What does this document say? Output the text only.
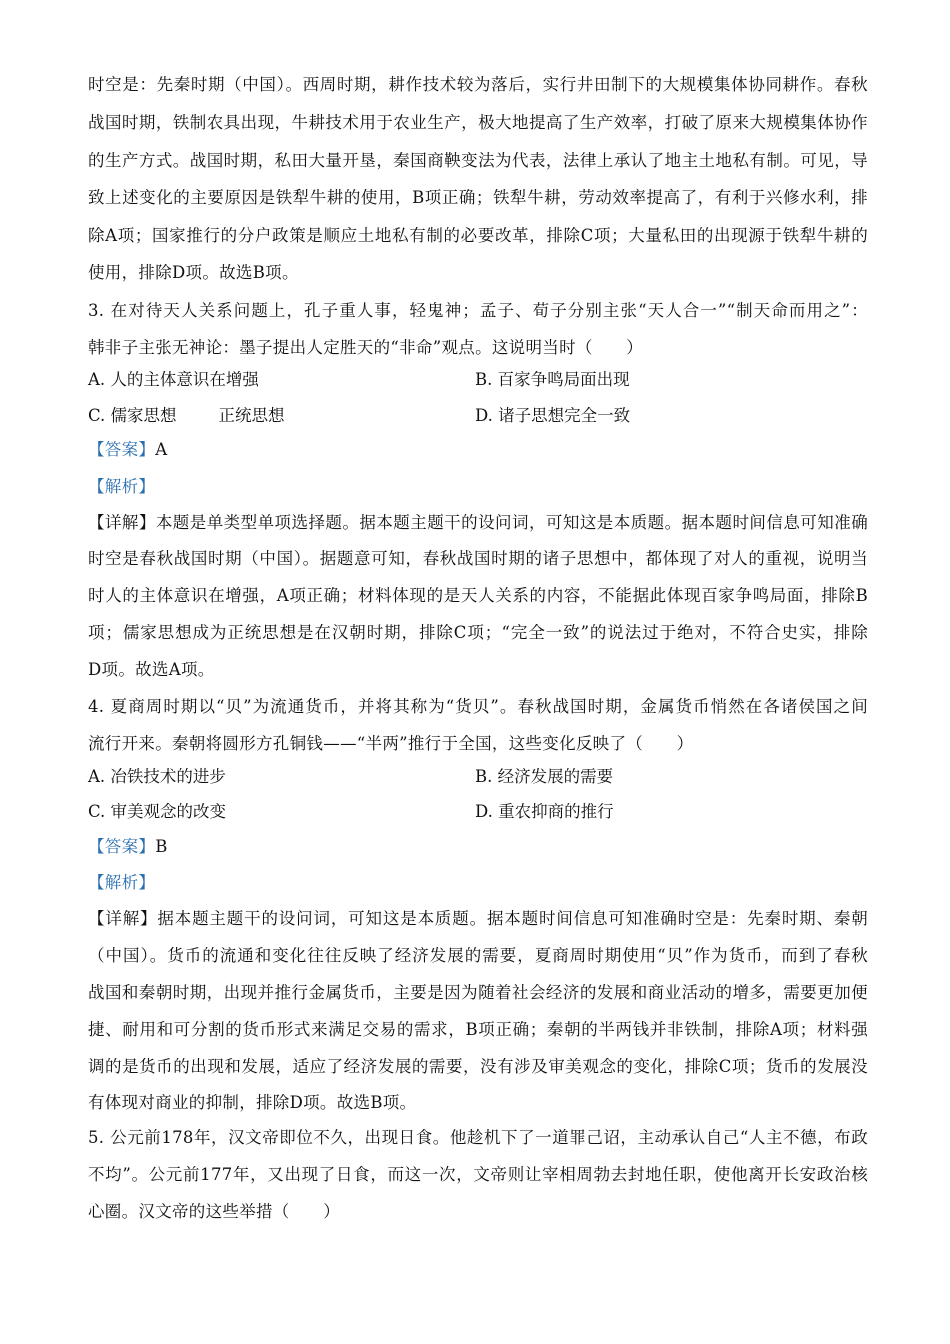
时空是：先秦时期（中国）。西周时期，耕作技术较为落后，实行井田制下的大规模集体协同耕作。春秋
战国时期，铁制农具出现，牛耕技术用于农业生产，极大地提高了生产效率，打破了原来大规模集体协作
的生产方式。战国时期，私田大量开垦，秦国商鞅变法为代表，法律上承认了地主土地私有制。可见，导
致上述变化的主要原因是铁犁牛耕的使用，B项正确；铁犁牛耕，劳动效率提高了，有利于兴修水利，排
除A项；国家推行的分户政策是顺应土地私有制的必要改革，排除C项；大量私田的出现源于铁犁牛耕的
使用，排除D项。故选B项。
3. 在对待天人关系问题上，孔子重人事，轻鬼神；孟子、荀子分别主张“天人合一”“制天命而用之”：
韩非子主张无神论：墨子提出人定胜天的“非命”观点。这说明当时（　　）
A. 人的主体意识在增强	B. 百家争鸣局面出现
C. 儒家思想	正统思想	D. 诸子思想完全一致
【答案】A
【解析】
【详解】本题是单类型单项选择题。据本题主题干的设问词，可知这是本质题。据本题时间信息可知准确
时空是春秋战国时期（中国）。据题意可知，春秋战国时期的诸子思想中，都体现了对人的重视，说明当
时人的主体意识在增强，A项正确；材料体现的是天人关系的内容，不能据此体现百家争鸣局面，排除B
项；儒家思想成为正统思想是在汉朝时期，排除C项；“完全一致”的说法过于绝对，不符合史实，排除
D项。故选A项。
4. 夏商周时期以“贝”为流通货币，并将其称为“货贝”。春秋战国时期，金属货币悄然在各诸侯国之间
流行开来。秦朝将圆形方孔铜钱——“半两”推行于全国，这些变化反映了（　　）
A. 冶铁技术的进步	B. 经济发展的需要
C. 审美观念的改变	D. 重农抑商的推行
【答案】B
【解析】
【详解】据本题主题干的设问词，可知这是本质题。据本题时间信息可知准确时空是：先秦时期、秦朝
（中国）。货币的流通和变化往往反映了经济发展的需要，夏商周时期使用“贝”作为货币，而到了春秋
战国和秦朝时期，出现并推行金属货币，主要是因为随着社会经济的发展和商业活动的增多，需要更加便
捷、耐用和可分割的货币形式来满足交易的需求，B项正确；秦朝的半两钱并非铁制，排除A项；材料强
调的是货币的出现和发展，适应了经济发展的需要，没有涉及审美观念的变化，排除C项；货币的发展没
有体现对商业的抑制，排除D项。故选B项。
5. 公元前178年，汉文帝即位不久，出现日食。他趁机下了一道罪己诏，主动承认自己“人主不德，布政
不均”。公元前177年，又出现了日食，而这一次，文帝则让宰相周勃去封地任职，使他离开长安政治核
心圈。汉文帝的这些举措（　　）
